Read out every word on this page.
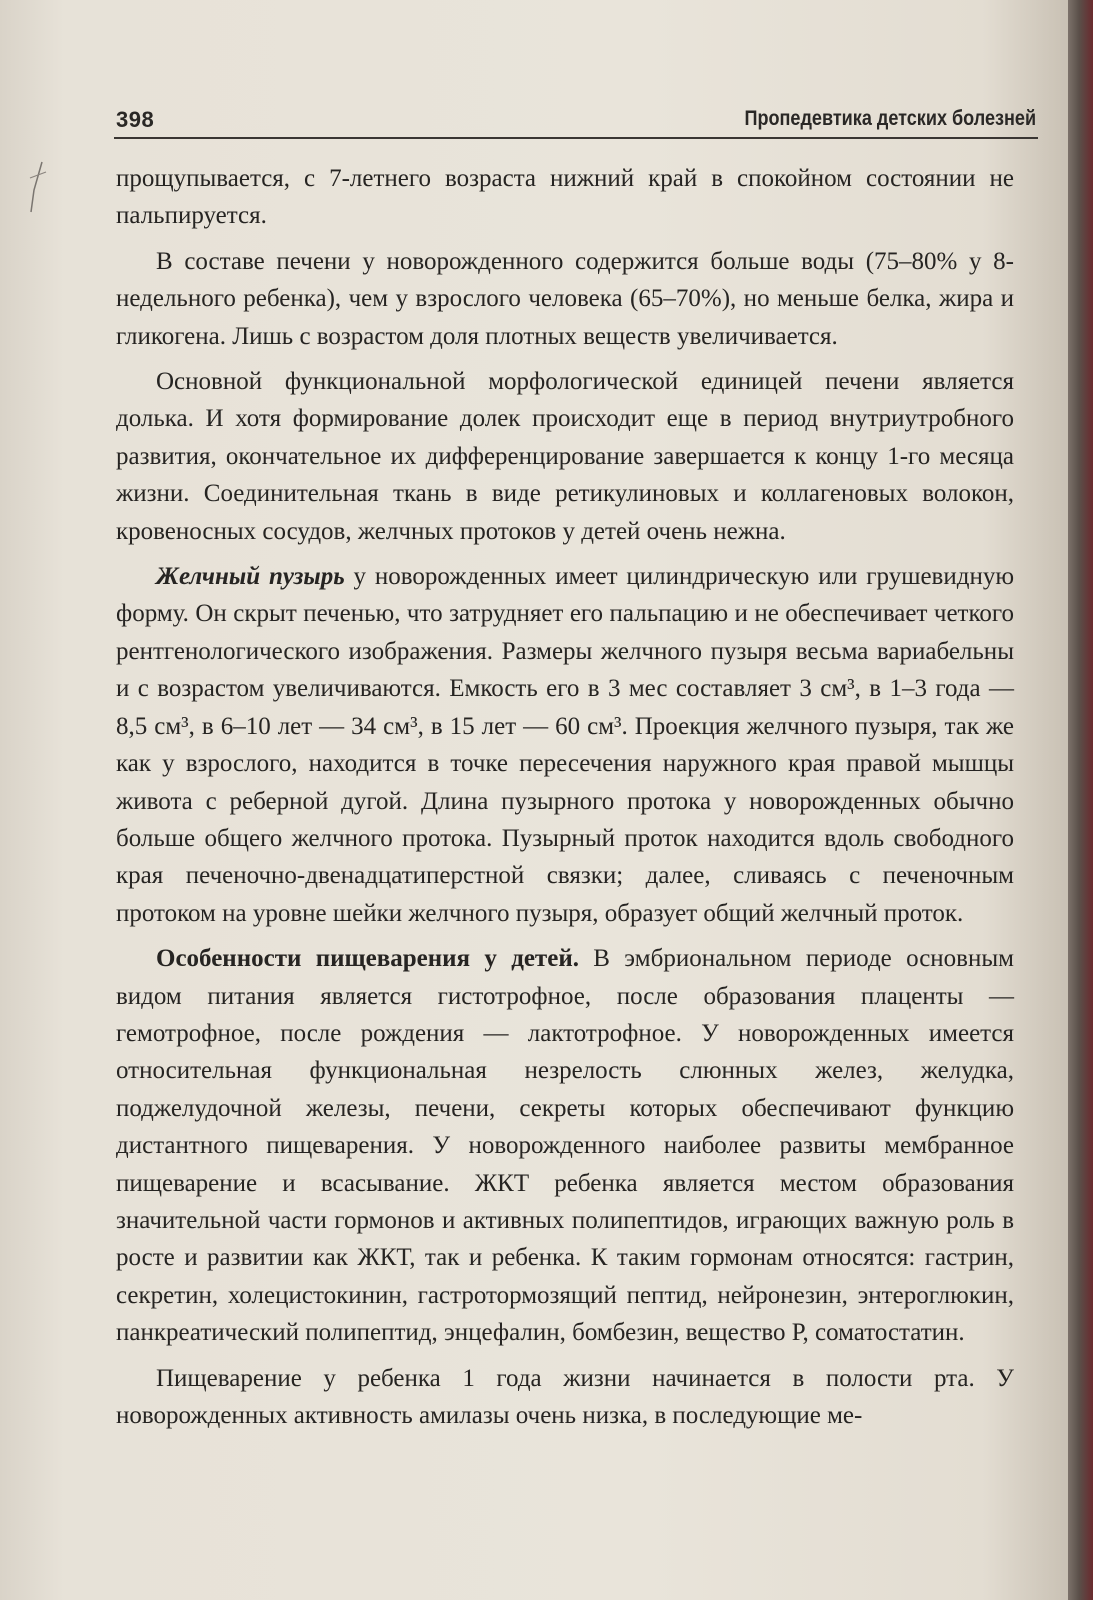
398	Пропедевтика детских болезней

прощупывается, с 7-летнего возраста нижний край в спокойном состоянии не пальпируется.

В составе печени у новорожденного содержится больше воды (75–80% у 8-недельного ребенка), чем у взрослого человека (65–70%), но меньше белка, жира и гликогена. Лишь с возрастом доля плотных веществ увеличивается.

Основной функциональной морфологической единицей печени является долька. И хотя формирование долек происходит еще в период внутриутробного развития, окончательное их дифференцирование завершается к концу 1-го месяца жизни. Соединительная ткань в виде ретикулиновых и коллагеновых волокон, кровеносных сосудов, желчных протоков у детей очень нежна.

Желчный пузырь у новорожденных имеет цилиндрическую или грушевидную форму. Он скрыт печенью, что затрудняет его пальпацию и не обеспечивает четкого рентгенологического изображения. Размеры желчного пузыря весьма вариабельны и с возрастом увеличиваются. Емкость его в 3 мес составляет 3 см³, в 1–3 года — 8,5 см³, в 6–10 лет — 34 см³, в 15 лет — 60 см³. Проекция желчного пузыря, так же как у взрослого, находится в точке пересечения наружного края правой мышцы живота с реберной дугой. Длина пузырного протока у новорожденных обычно больше общего желчного протока. Пузырный проток находится вдоль свободного края печеночно-двенадцатиперстной связки; далее, сливаясь с печеночным протоком на уровне шейки желчного пузыря, образует общий желчный проток.

Особенности пищеварения у детей. В эмбриональном периоде основным видом питания является гистотрофное, после образования плаценты — гемотрофное, после рождения — лактотрофное. У новорожденных имеется относительная функциональная незрелость слюнных желез, желудка, поджелудочной железы, печени, секреты которых обеспечивают функцию дистантного пищеварения. У новорожденного наиболее развиты мембранное пищеварение и всасывание. ЖКТ ребенка является местом образования значительной части гормонов и активных полипептидов, играющих важную роль в росте и развитии как ЖКТ, так и ребенка. К таким гормонам относятся: гастрин, секретин, холецистокинин, гастротормозящий пептид, нейронезин, энтероглюкин, панкреатический полипептид, энцефалин, бомбезин, вещество Р, соматостатин.

Пищеварение у ребенка 1 года жизни начинается в полости рта. У новорожденных активность амилазы очень низка, в последующие ме-
